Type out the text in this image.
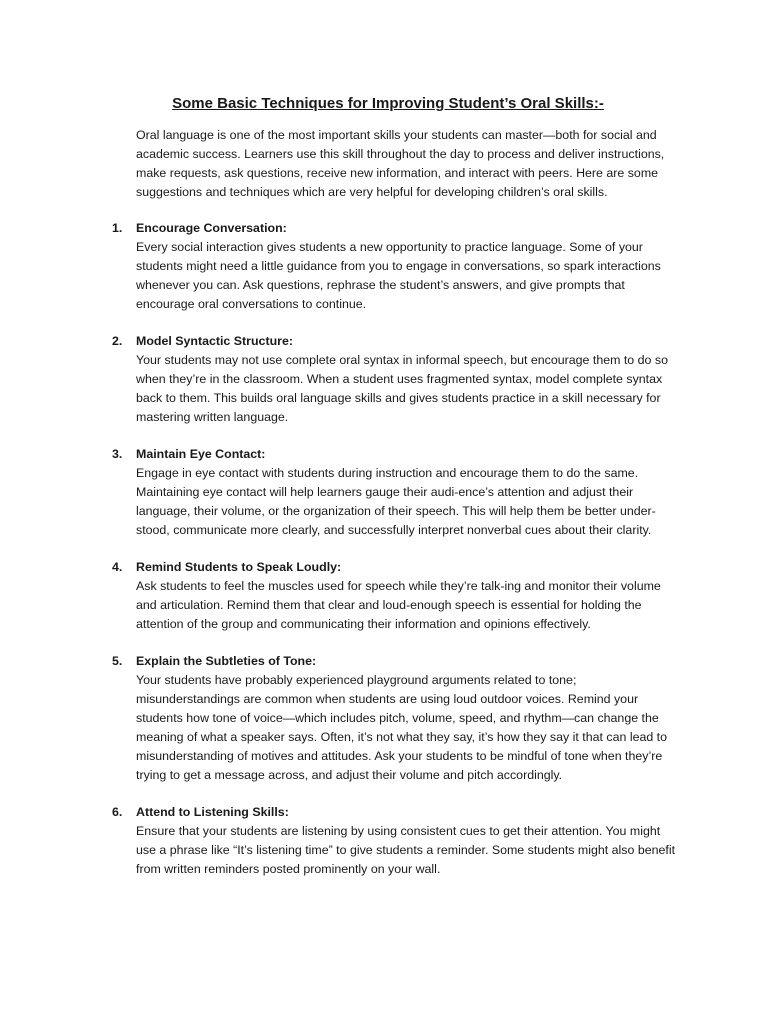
Some Basic Techniques for Improving Student’s Oral Skills:-

Oral language is one of the most important skills your students can master—both for social and academic success. Learners use this skill throughout the day to process and deliver instructions, make requests, ask questions, receive new information, and interact with peers. Here are some suggestions and techniques which are very helpful for developing children’s oral skills.

1. Encourage Conversation:
Every social interaction gives students a new opportunity to practice language. Some of your students might need a little guidance from you to engage in conversations, so spark interactions whenever you can. Ask questions, rephrase the student’s answers, and give prompts that encourage oral conversations to continue.
2. Model Syntactic Structure:
Your students may not use complete oral syntax in informal speech, but encourage them to do so when they’re in the classroom. When a student uses fragmented syntax, model complete syntax back to them. This builds oral language skills and gives students practice in a skill necessary for mastering written language.
3. Maintain Eye Contact:
Engage in eye contact with students during instruction and encourage them to do the same. Maintaining eye contact will help learners gauge their audi-ence’s attention and adjust their language, their volume, or the organization of their speech. This will help them be better under-stood, communicate more clearly, and successfully interpret nonverbal cues about their clarity.
4. Remind Students to Speak Loudly:
Ask students to feel the muscles used for speech while they’re talk-ing and monitor their volume and articulation. Remind them that clear and loud-enough speech is essential for holding the attention of the group and communicating their information and opinions effectively.
5. Explain the Subtleties of Tone:
Your students have probably experienced playground arguments related to tone; misunderstandings are common when students are using loud outdoor voices. Remind your students how tone of voice—which includes pitch, volume, speed, and rhythm—can change the meaning of what a speaker says. Often, it’s not what they say, it’s how they say it that can lead to misunderstanding of motives and attitudes. Ask your students to be mindful of tone when they’re trying to get a message across, and adjust their volume and pitch accordingly.
6. Attend to Listening Skills:
Ensure that your students are listening by using consistent cues to get their attention. You might use a phrase like “It’s listening time” to give students a reminder. Some students might also benefit from written reminders posted prominently on your wall.
